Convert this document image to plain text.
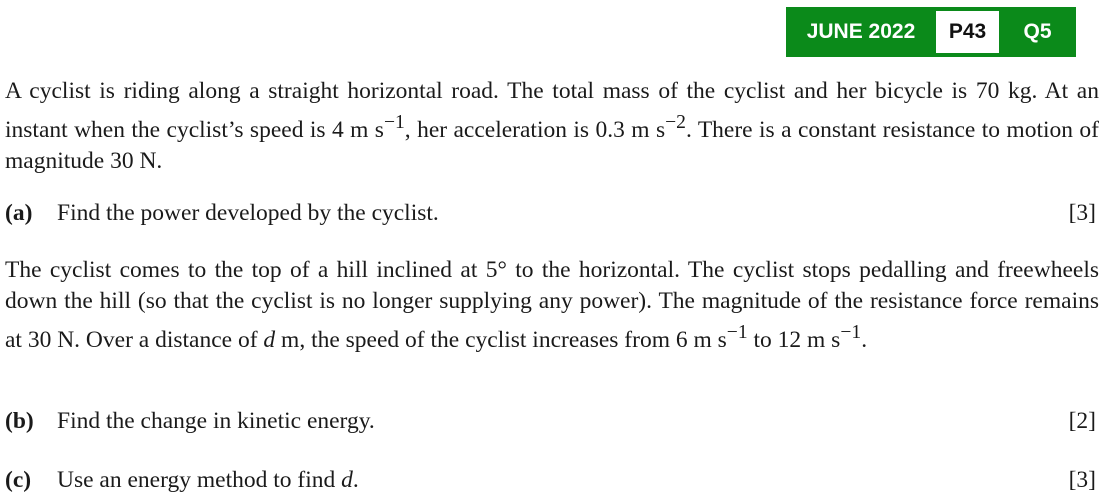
JUNE 2022	P43	Q5
A cyclist is riding along a straight horizontal road. The total mass of the cyclist and her bicycle is 70 kg. At an instant when the cyclist’s speed is 4 m $s^{-1}$, her acceleration is 0.3 m $s^{-2}$. There is a constant resistance to motion of magnitude 30 N.
(a) Find the power developed by the cyclist.	[3]
The cyclist comes to the top of a hill inclined at 5° to the horizontal. The cyclist stops pedalling and freewheels down the hill (so that the cyclist is no longer supplying any power). The magnitude of the resistance force remains at 30 N. Over a distance of d m, the speed of the cyclist increases from 6 m $s^{-1}$ to 12 m $s^{-1}$.
(b) Find the change in kinetic energy.	[2]
(c) Use an energy method to find d.	[3]
